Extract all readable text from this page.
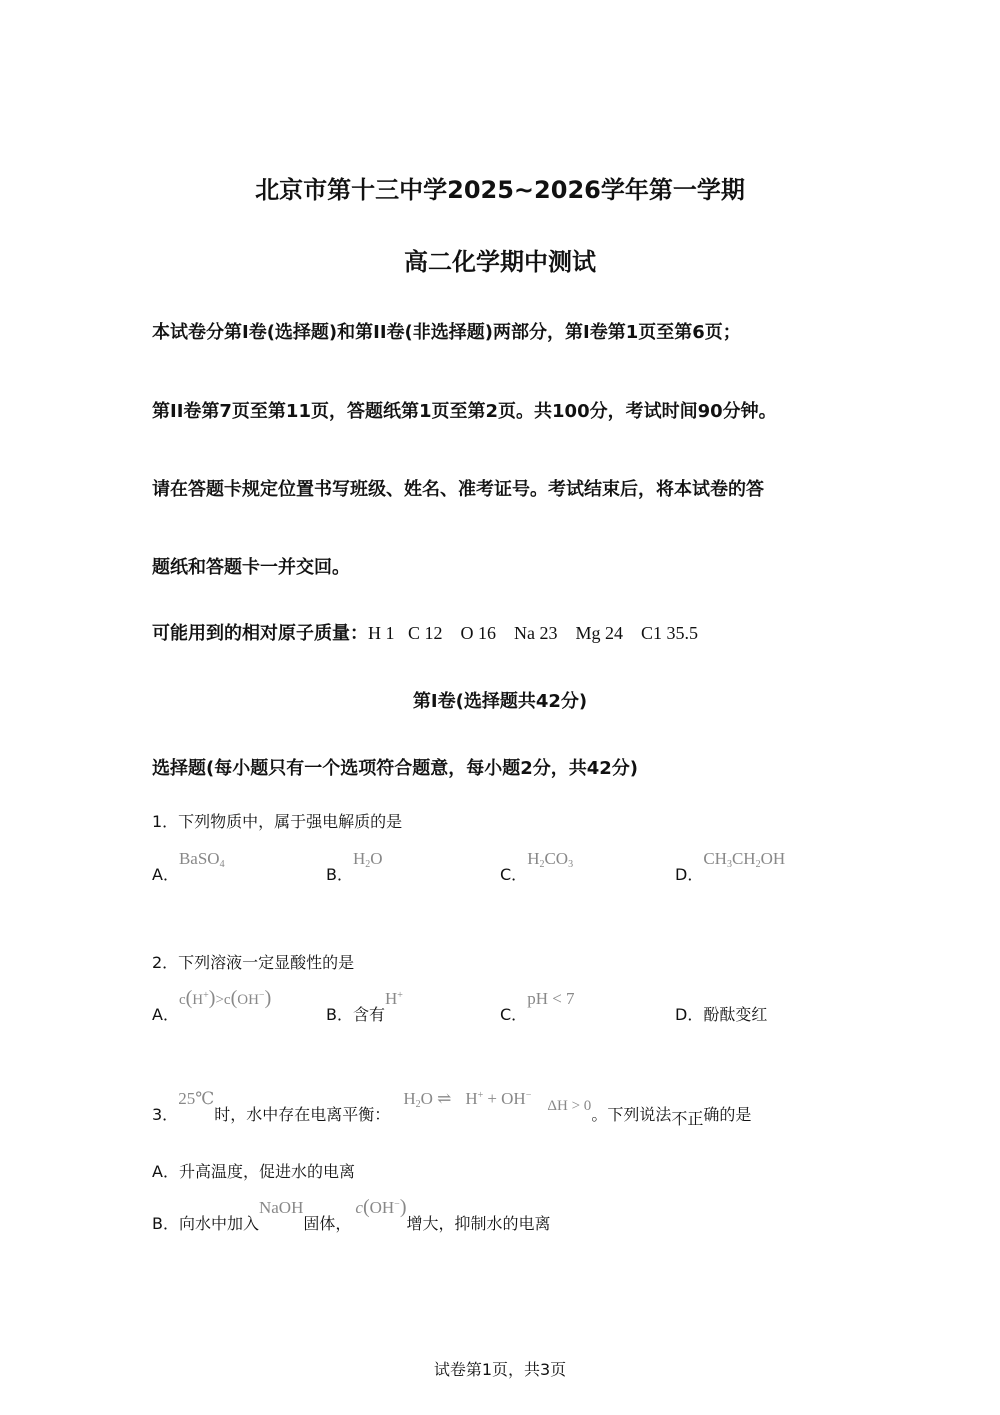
北京市第十三中学2025~2026学年第一学期
高二化学期中测试
本试卷分第I卷(选择题)和第II卷(非选择题)两部分，第I卷第1页至第6页；
第II卷第7页至第11页，答题纸第1页至第2页。共100分，考试时间90分钟。
请在答题卡规定位置书写班级、姓名、准考证号。考试结束后，将本试卷的答
题纸和答题卡一并交回。
可能用到的相对原子质量：H 1   C 12    O 16    Na 23    Mg 24    C1 35.5
第I卷(选择题共42分)
选择题(每小题只有一个选项符合题意，每小题2分，共42分)
1．下列物质中，属于强电解质的是
A．BaSO$_4$
B．$H_2O$
C．$H_2CO_3$
D．$CH_3CH_2OH$
2．下列溶液一定显酸性的是
A．c(H+)>c(OH−)
B．含有H+
C．pH < 7
D．酚酞变红
3．25℃时，水中存在电离平衡： $H_2O$ ⇌ H+ + OH−ΔH > 0。下列说法不正确的是
A．升高温度，促进水的电离
B．向水中加入NaOH固体，c(OH−)增大，抑制水的电离
试卷第1页，共3页
